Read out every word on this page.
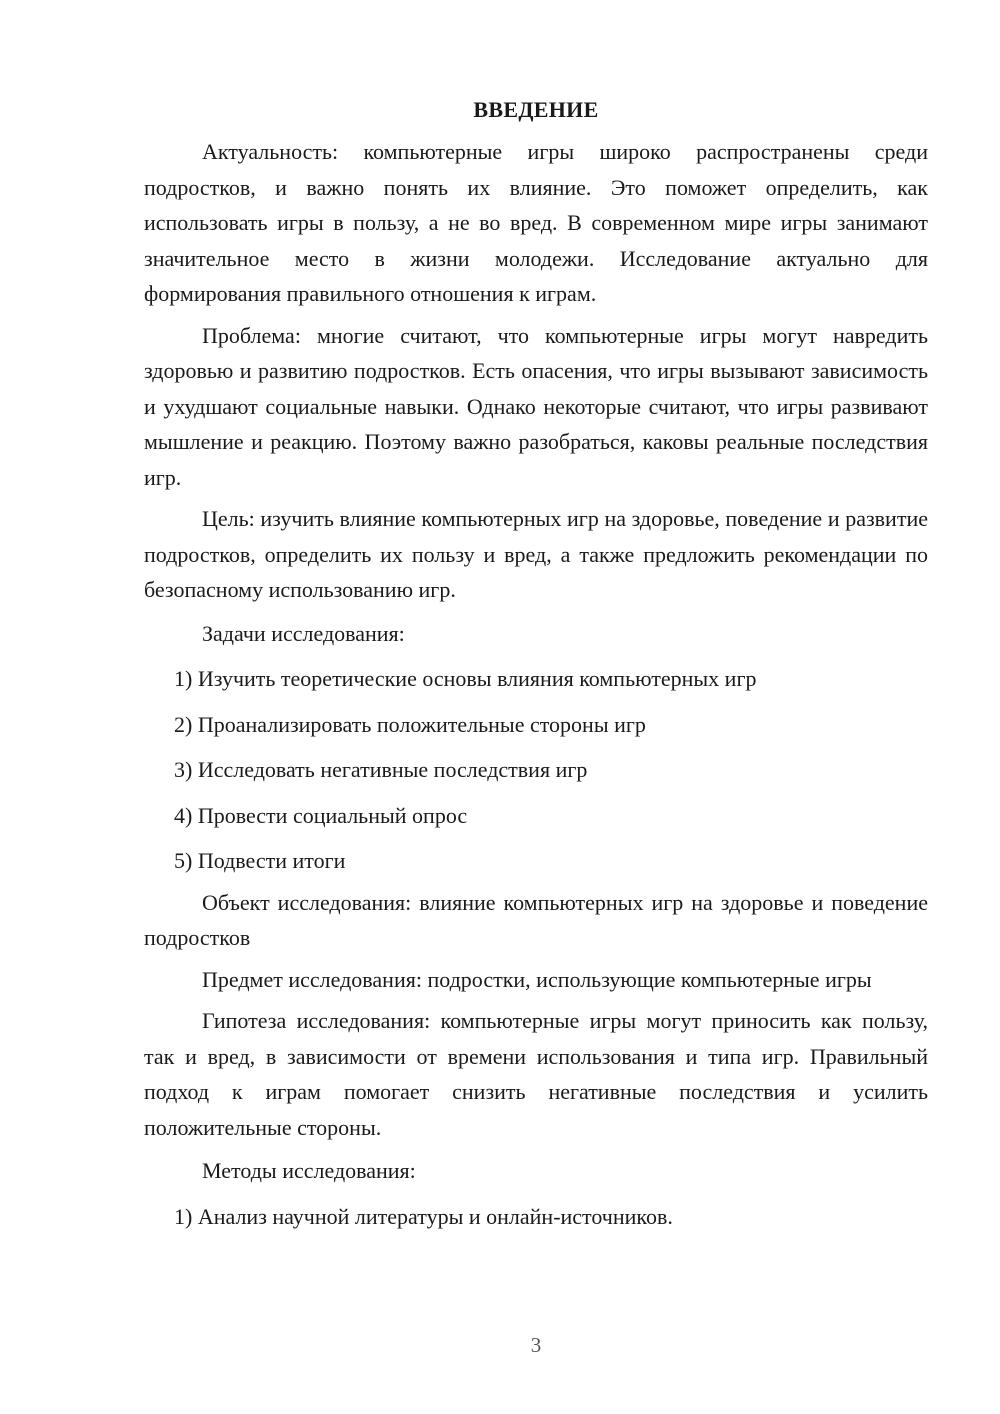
ВВЕДЕНИЕ

Актуальность: компьютерные игры широко распространены среди подростков, и важно понять их влияние. Это поможет определить, как использовать игры в пользу, а не во вред. В современном мире игры занимают значительное место в жизни молодежи. Исследование актуально для формирования правильного отношения к играм.

Проблема: многие считают, что компьютерные игры могут навредить здоровью и развитию подростков. Есть опасения, что игры вызывают зависимость и ухудшают социальные навыки. Однако некоторые считают, что игры развивают мышление и реакцию. Поэтому важно разобраться, каковы реальные последствия игр.

Цель: изучить влияние компьютерных игр на здоровье, поведение и развитие подростков, определить их пользу и вред, а также предложить рекомендации по безопасному использованию игр.

Задачи исследования:

1) Изучить теоретические основы влияния компьютерных игр
2) Проанализировать положительные стороны игр
3) Исследовать негативные последствия игр
4) Провести социальный опрос
5) Подвести итоги

Объект исследования: влияние компьютерных игр на здоровье и поведение подростков

Предмет исследования: подростки, использующие компьютерные игры

Гипотеза исследования: компьютерные игры могут приносить как пользу, так и вред, в зависимости от времени использования и типа игр. Правильный подход к играм помогает снизить негативные последствия и усилить положительные стороны.

Методы исследования:

1) Анализ научной литературы и онлайн-источников.
3
